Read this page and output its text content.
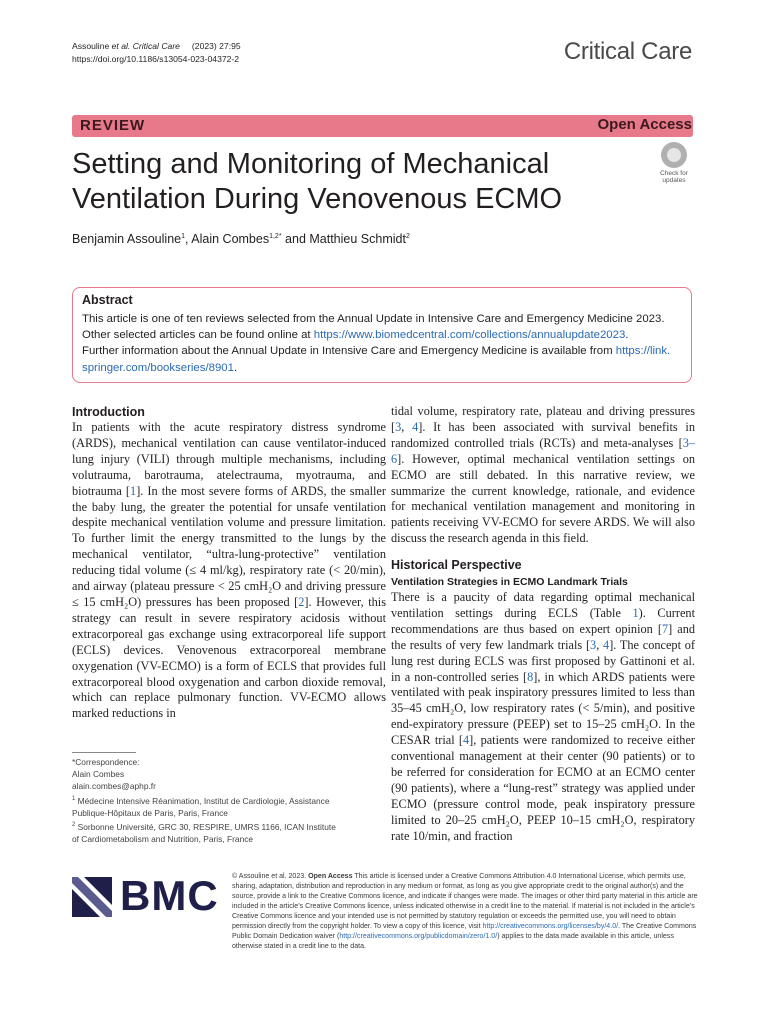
Assouline et al. Critical Care (2023) 27:95
https://doi.org/10.1186/s13054-023-04372-2	Critical Care
REVIEW	Open Access
Check for
updates
Setting and Monitoring of Mechanical
Ventilation During Venovenous ECMO
Benjamin Assouline$^1$, Alain Combes$^{1,2*}$ and Matthieu Schmidt$^2$
Abstract
This article is one of ten reviews selected from the Annual Update in Intensive Care and Emergency Medicine 2023.
Other selected articles can be found online at https://www.biomedcentral.com/collections/annualupdate2023.
Further information about the Annual Update in Intensive Care and Emergency Medicine is available from https://link.
springer.com/bookseries/8901.
Introduction
In patients with the acute respiratory distress syndrome (ARDS), mechanical ventilation can cause ventilator-induced lung injury (VILI) through multiple mechanisms, including volutrauma, barotrauma, atelectrauma, myotrauma, and biotrauma [1]. In the most severe forms of ARDS, the smaller the baby lung, the greater the potential for unsafe ventilation despite mechanical ventilation volume and pressure limitation. To further limit the energy transmitted to the lungs by the mechanical ventilator, “ultra-lung-protective” ventilation reducing tidal volume (≤ 4 ml/kg), respiratory rate (< 20/min), and airway (plateau pressure < 25 cmH₂O and driving pressure ≤ 15 cmH₂O) pressures has been proposed [2]. However, this strategy can result in severe respiratory acidosis without extracorporeal gas exchange using extracorporeal life support (ECLS) devices. Venovenous extracorporeal membrane oxygenation (VV-ECMO) is a form of ECLS that provides full extracorporeal blood oxygenation and carbon dioxide removal, which can replace pulmonary function. VV-ECMO allows marked reductions in
tidal volume, respiratory rate, plateau and driving pressures [3, 4]. It has been associated with survival benefits in randomized controlled trials (RCTs) and meta-analyses [3–6]. However, optimal mechanical ventilation settings on ECMO are still debated. In this narrative review, we summarize the current knowledge, rationale, and evidence for mechanical ventilation management and monitoring in patients receiving VV-ECMO for severe ARDS. We will also discuss the research agenda in this field.
Historical Perspective
Ventilation Strategies in ECMO Landmark Trials
There is a paucity of data regarding optimal mechanical ventilation settings during ECLS (Table 1). Current recommendations are thus based on expert opinion [7] and the results of very few landmark trials [3, 4]. The concept of lung rest during ECLS was first proposed by Gattinoni et al. in a non-controlled series [8], in which ARDS patients were ventilated with peak inspiratory pressures limited to less than 35–45 cmH₂O, low respiratory rates (< 5/min), and positive end-expiratory pressure (PEEP) set to 15–25 cmH₂O. In the CESAR trial [4], patients were randomized to receive either conventional management at their center (90 patients) or to be referred for consideration for ECMO at an ECMO center (90 patients), where a “lung-rest” strategy was applied under ECMO (pressure control mode, peak inspiratory pressure limited to 20–25 cmH₂O, PEEP 10–15 cmH₂O, respiratory rate 10/min, and fraction
*Correspondence:
Alain Combes
alain.combes@aphp.fr
$^1$ Médecine Intensive Réanimation, Institut de Cardiologie, Assistance
Publique-Hôpitaux de Paris, Paris, France
$^2$ Sorbonne Université, GRC 30, RESPIRE, UMRS 1166, ICAN Institute
of Cardiometabolism and Nutrition, Paris, France
BMC © Assouline et al. 2023. Open Access This article is licensed under a Creative Commons Attribution 4.0 International License, which permits use, sharing, adaptation, distribution and reproduction in any medium or format, as long as you give appropriate credit to the original author(s) and the source, provide a link to the Creative Commons licence, and indicate if changes were made. The images or other third party material in this article are included in the article’s Creative Commons licence, unless indicated otherwise in a credit line to the material. If material is not included in the article’s Creative Commons licence and your intended use is not permitted by statutory regulation or exceeds the permitted use, you will need to obtain permission directly from the copyright holder. To view a copy of this licence, visit http://creativecommons.org/licenses/by/4.0/. The Creative Commons Public Domain Dedication waiver (http://creativecommons.org/publicdomain/zero/1.0/) applies to the data made available in this article, unless otherwise stated in a credit line to the data.
